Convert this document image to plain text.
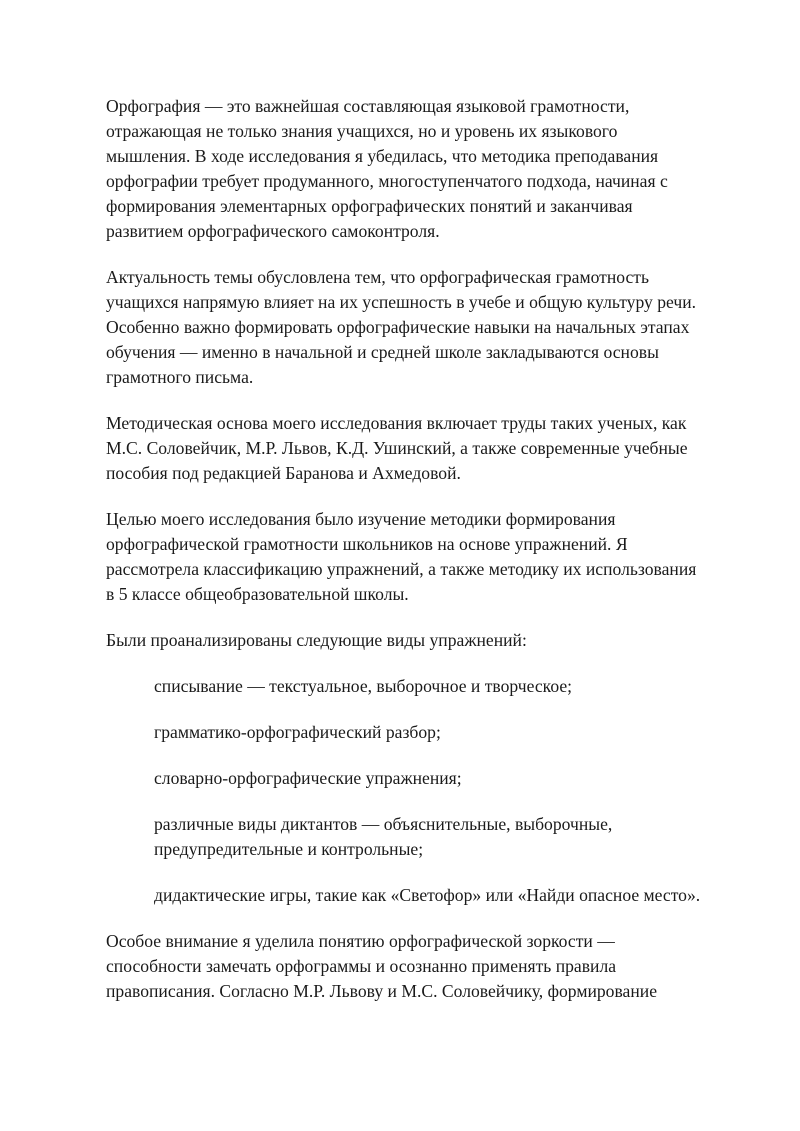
Орфография — это важнейшая составляющая языковой грамотности, отражающая не только знания учащихся, но и уровень их языкового мышления. В ходе исследования я убедилась, что методика преподавания орфографии требует продуманного, многоступенчатого подхода, начиная с формирования элементарных орфографических понятий и заканчивая развитием орфографического самоконтроля.

Актуальность темы обусловлена тем, что орфографическая грамотность учащихся напрямую влияет на их успешность в учебе и общую культуру речи. Особенно важно формировать орфографические навыки на начальных этапах обучения — именно в начальной и средней школе закладываются основы грамотного письма.

Методическая основа моего исследования включает труды таких ученых, как М.С. Соловейчик, М.Р. Львов, К.Д. Ушинский, а также современные учебные пособия под редакцией Баранова и Ахмедовой.

Целью моего исследования было изучение методики формирования орфографической грамотности школьников на основе упражнений. Я рассмотрела классификацию упражнений, а также методику их использования в 5 классе общеобразовательной школы.

Были проанализированы следующие виды упражнений:

списывание — текстуальное, выборочное и творческое;
грамматико-орфографический разбор;
словарно-орфографические упражнения;
различные виды диктантов — объяснительные, выборочные, предупредительные и контрольные;
дидактические игры, такие как «Светофор» или «Найди опасное место».

Особое внимание я уделила понятию орфографической зоркости — способности замечать орфограммы и осознанно применять правила правописания. Согласно М.Р. Львову и М.С. Соловейчику, формирование
